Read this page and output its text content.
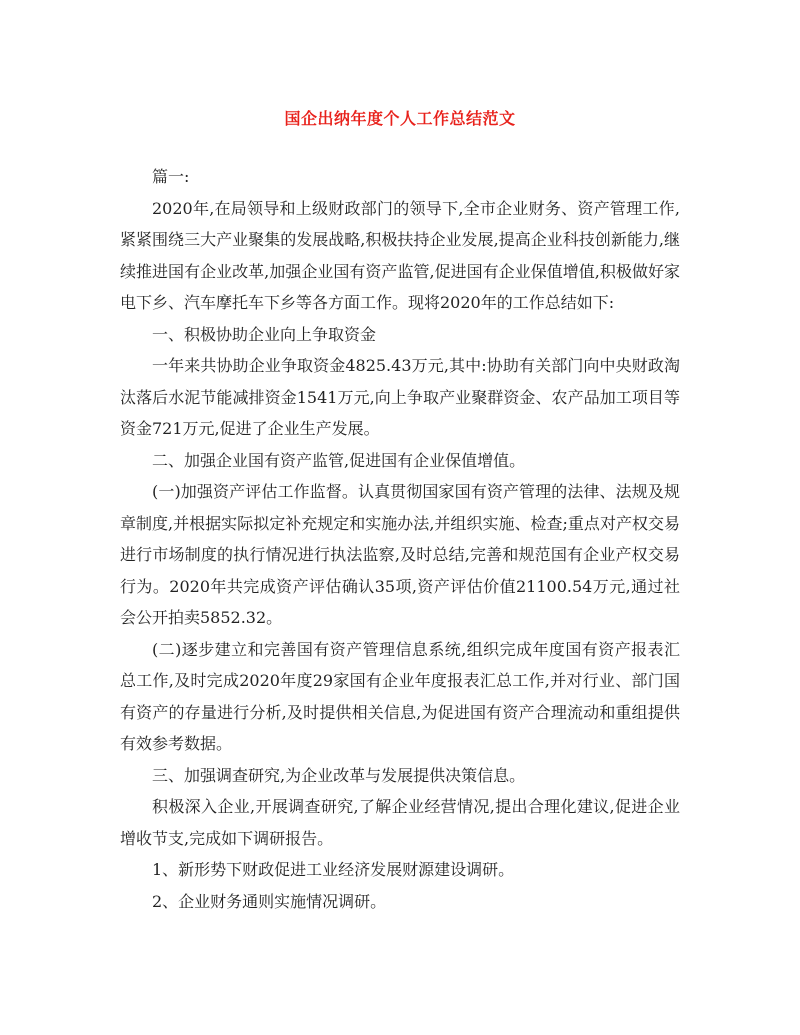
国企出纳年度个人工作总结范文

篇一:

2020年,在局领导和上级财政部门的领导下,全市企业财务、资产管理工作,紧紧围绕三大产业聚集的发展战略,积极扶持企业发展,提高企业科技创新能力,继续推进国有企业改革,加强企业国有资产监管,促进国有企业保值增值,积极做好家电下乡、汽车摩托车下乡等各方面工作。现将2020年的工作总结如下:

一、积极协助企业向上争取资金

一年来共协助企业争取资金4825.43万元,其中:协助有关部门向中央财政淘汰落后水泥节能减排资金1541万元,向上争取产业聚群资金、农产品加工项目等资金721万元,促进了企业生产发展。

二、加强企业国有资产监管,促进国有企业保值增值。

(一)加强资产评估工作监督。认真贯彻国家国有资产管理的法律、法规及规章制度,并根据实际拟定补充规定和实施办法,并组织实施、检查;重点对产权交易进行市场制度的执行情况进行执法监察,及时总结,完善和规范国有企业产权交易行为。2020年共完成资产评估确认35项,资产评估价值21100.54万元,通过社会公开拍卖5852.32。

(二)逐步建立和完善国有资产管理信息系统,组织完成年度国有资产报表汇总工作,及时完成2020年度29家国有企业年度报表汇总工作,并对行业、部门国有资产的存量进行分析,及时提供相关信息,为促进国有资产合理流动和重组提供有效参考数据。

三、加强调查研究,为企业改革与发展提供决策信息。

积极深入企业,开展调查研究,了解企业经营情况,提出合理化建议,促进企业增收节支,完成如下调研报告。

1、新形势下财政促进工业经济发展财源建设调研。

2、企业财务通则实施情况调研。
